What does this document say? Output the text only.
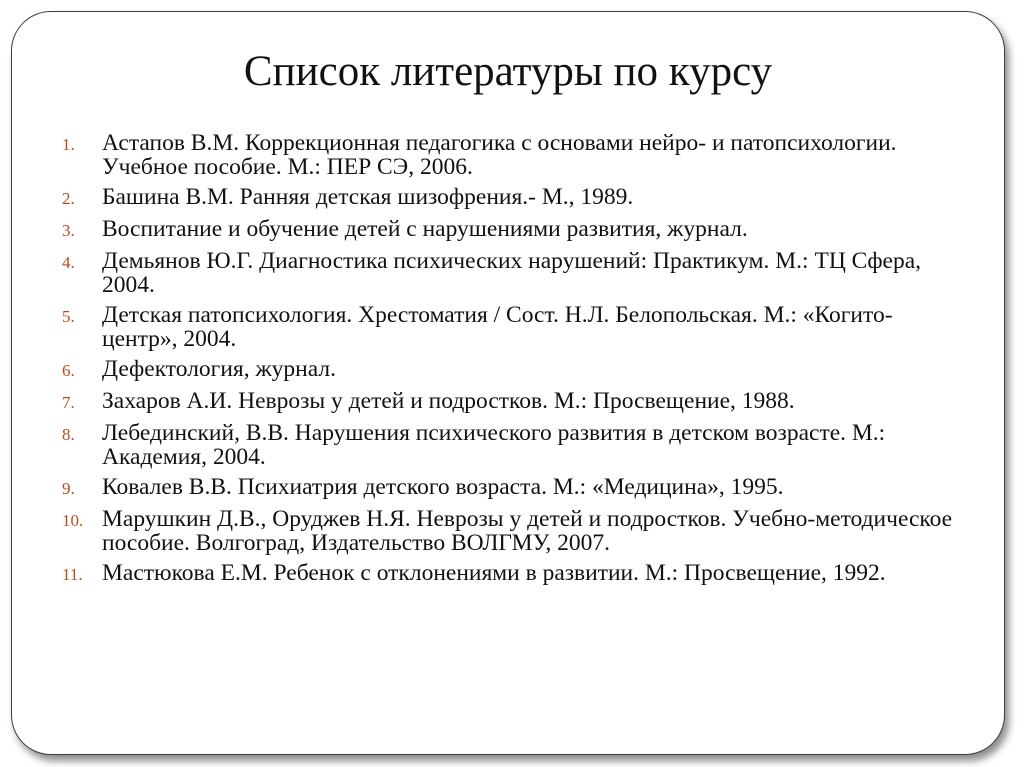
Список литературы по курсу
1.	Астапов В.М. Коррекционная педагогика с основами нейро- и патопсихологии. Учебное пособие. М.: ПЕР СЭ, 2006.
2.	Башина В.М. Ранняя детская шизофрения.- М., 1989.
3.	Воспитание и обучение детей с нарушениями развития, журнал.
4.	Демьянов Ю.Г. Диагностика психических нарушений: Практикум. М.: ТЦ Сфера, 2004.
5.	Детская патопсихология. Хрестоматия / Сост. Н.Л. Белопольская. М.: «Когито-центр», 2004.
6.	Дефектология, журнал.
7.	Захаров А.И. Неврозы у детей и подростков. М.: Просвещение, 1988.
8.	Лебединский, В.В. Нарушения психического развития в детском возрасте. М.: Академия, 2004.
9.	Ковалев В.В. Психиатрия детского возраста. М.: «Медицина», 1995.
10. Марушкин Д.В., Оруджев Н.Я. Неврозы у детей и подростков. Учебно-методическое пособие. Волгоград, Издательство ВОЛГМУ, 2007.
11. Мастюкова Е.М. Ребенок с отклонениями в развитии. М.: Просвещение, 1992.
